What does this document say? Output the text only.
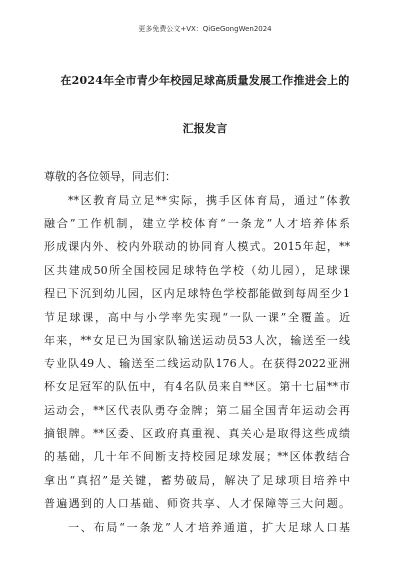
更多免费公文+VX：QiGeGongWen2024
在2024年全市青少年校园足球高质量发展工作推进会上的
汇报发言
尊敬的各位领导，同志们：
**区教育局立足**实际，携手区体育局，通过“体教
融合”工作机制，建立学校体育“一条龙”人才培养体系
形成课内外、校内外联动的协同育人模式。2015年起，**
区共建成50所全国校园足球特色学校（幼儿园），足球课
程已下沉到幼儿园，区内足球特色学校都能做到每周至少1
节足球课，高中与小学率先实现“一队一课”全覆盖。近
年来，**女足已为国家队输送运动员53人次，输送至一线
专业队49人、输送至二线运动队176人。在获得2022亚洲
杯女足冠军的队伍中，有4名队员来自**区。第十七届**市
运动会，**区代表队勇夺金牌；第二届全国青年运动会再
摘银牌。**区委、区政府真重视、真关心是取得这些成绩
的基础，几十年不间断支持校园足球发展；**区体教结合
拿出“真招”是关键，蓄势破局，解决了足球项目培养中
普遍遇到的人口基础、师资共享、人才保障等三大问题。
一、布局“一条龙”人才培养通道，扩大足球人口基
